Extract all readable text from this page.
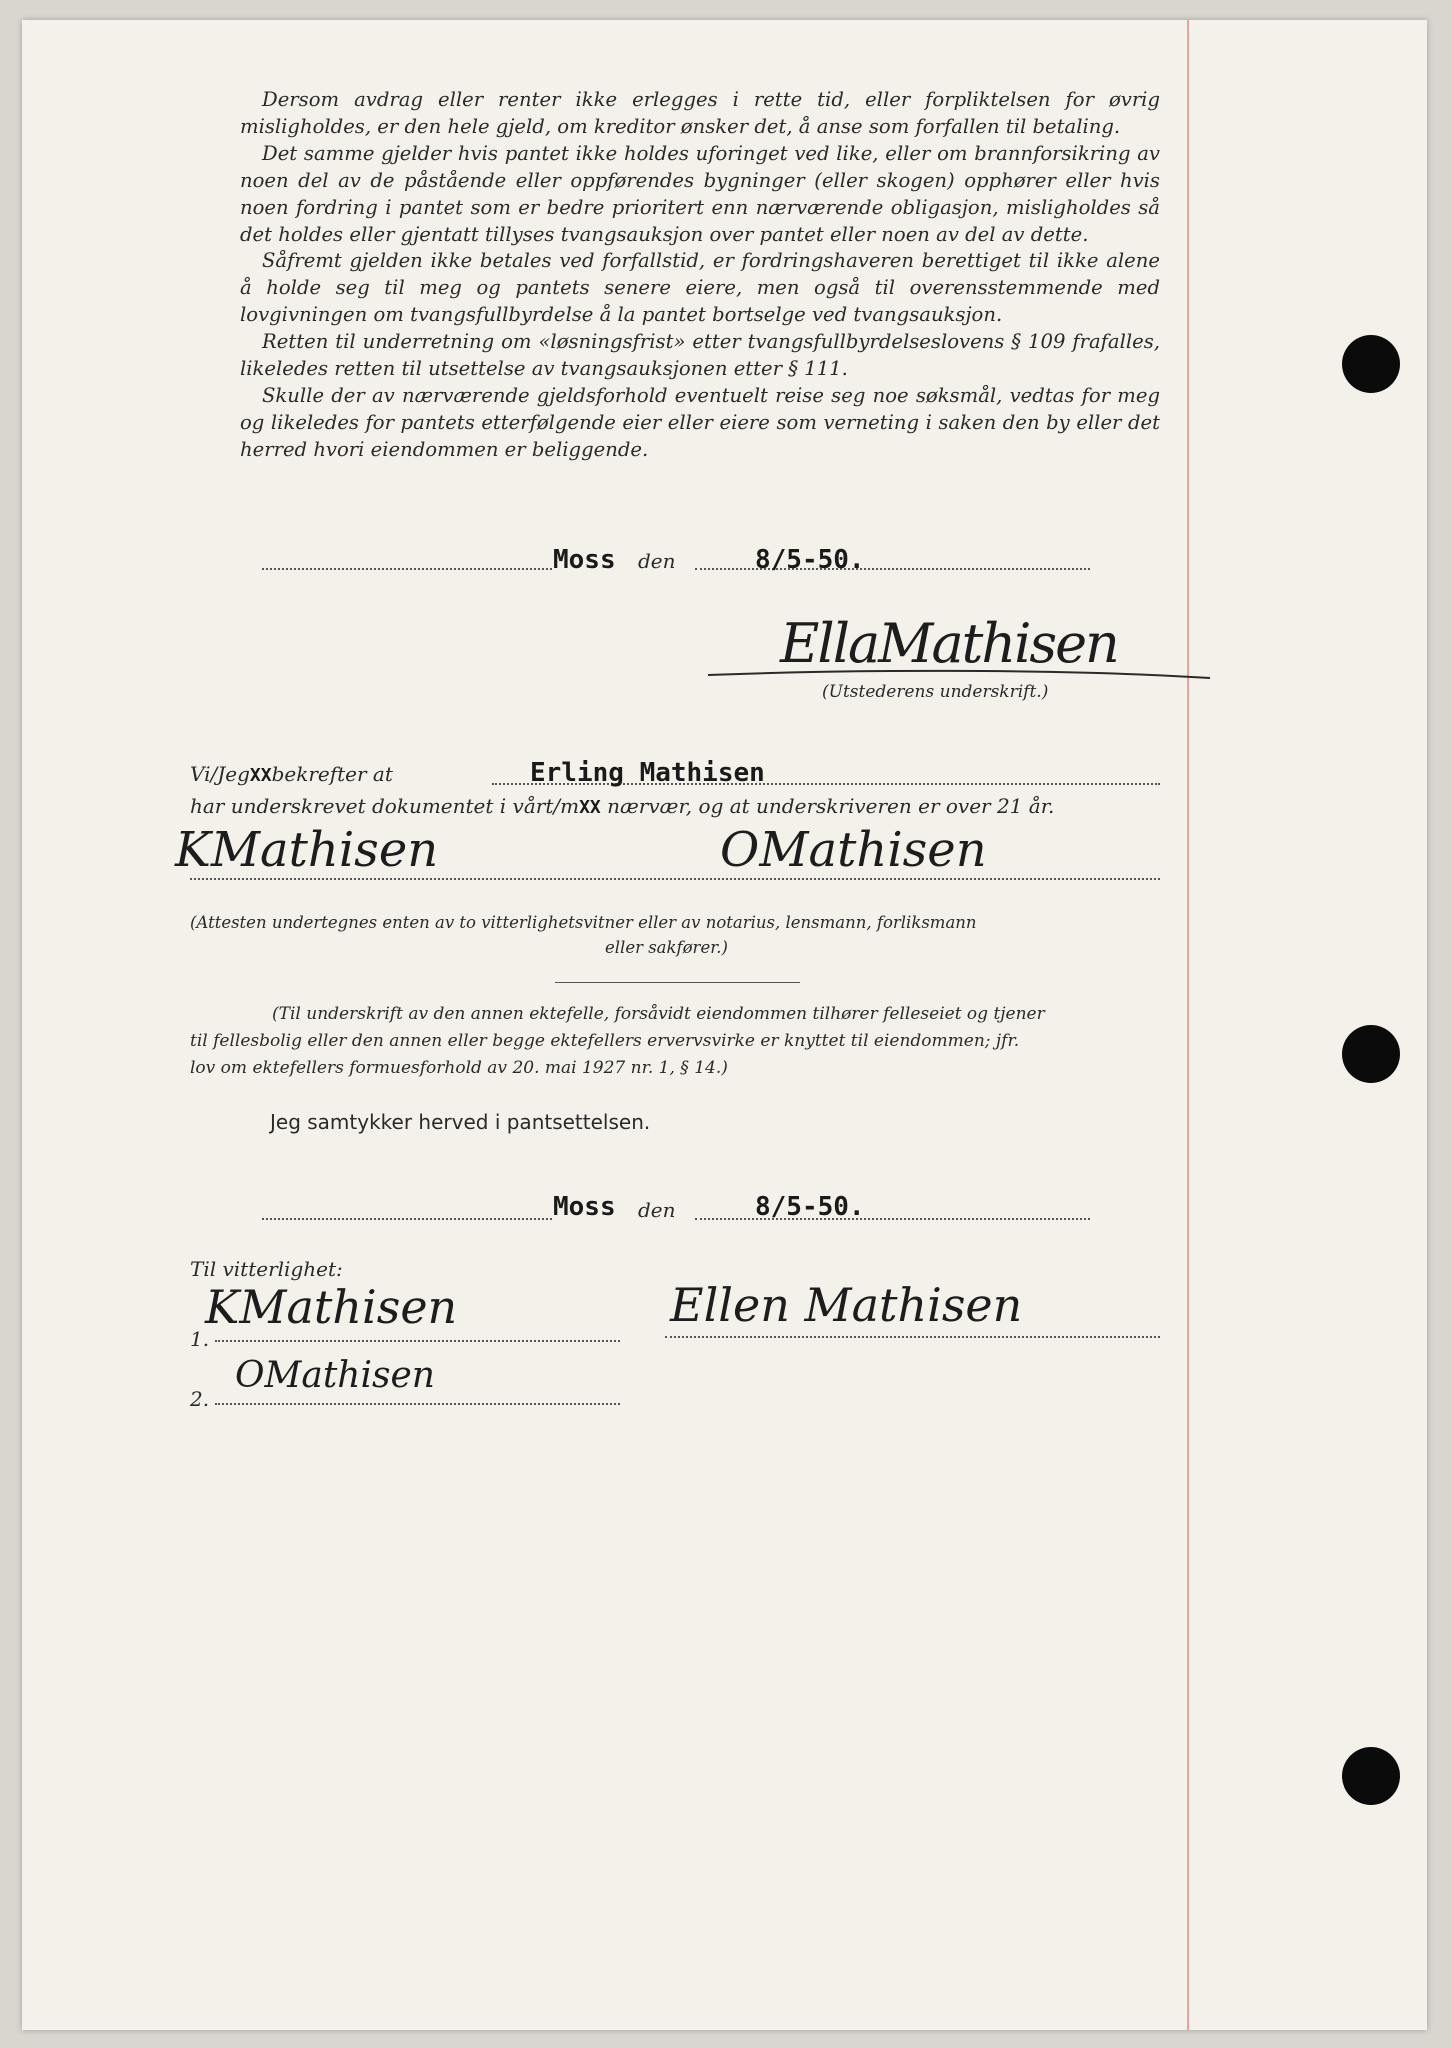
Dersom avdrag eller renter ikke erlegges i rette tid, eller forpliktelsen for øvrig misligholdes, er den hele gjeld, om kreditor ønsker det, å anse som forfallen til betaling.

Det samme gjelder hvis pantet ikke holdes uforinget ved like, eller om brannforsikring av noen del av de påstående eller oppførendes bygninger (eller skogen) opphører eller hvis noen fordring i pantet som er bedre prioritert enn nærværende obligasjon, misligholdes så det holdes eller gjentatt tillyses tvangsauksjon over pantet eller noen av del av dette.

Såfremt gjelden ikke betales ved forfallstid, er fordringshaveren berettiget til ikke alene å holde seg til meg og pantets senere eiere, men også til overensstemmende med lovgivningen om tvangsfullbyrdelse å la pantet bortselge ved tvangsauksjon.

Retten til underretning om «løsningsfrist» etter tvangsfullbyrdelseslovens § 109 frafalles, likeledes retten til utsettelse av tvangsauksjonen etter § 111.

Skulle der av nærværende gjeldsforhold eventuelt reise seg noe søksmål, vedtas for meg og likeledes for pantets etterfølgende eier eller eiere som verneting i saken den by eller det herred hvori eiendommen er beliggende.

Moss den	8/5-50.
EllaMathisen
(Utstederens underskrift.)
Vi/JegXXbekrefter at	Erling Mathisen
har underskrevet dokumentet i vårt/mXX nærvær, og at underskriveren er over 21 år.
KMathisen	OMathisen
(Attesten undertegnes enten av to vitterlighetsvitner eller av notarius, lensmann, forliksmann
eller sakfører.)
(Til underskrift av den annen ektefelle, forsåvidt eiendommen tilhører felleseiet og tjener
til fellesbolig eller den annen eller begge ektefellers ervervsvirke er knyttet til eiendommen; jfr.
lov om ektefellers formuesforhold av 20. mai 1927 nr. 1, § 14.)
Jeg samtykker herved i pantsettelsen.
Moss den	8/5-50.
Til vitterlighet:
1.
KMathisen	Ellen Mathisen
2.
OMathisen
